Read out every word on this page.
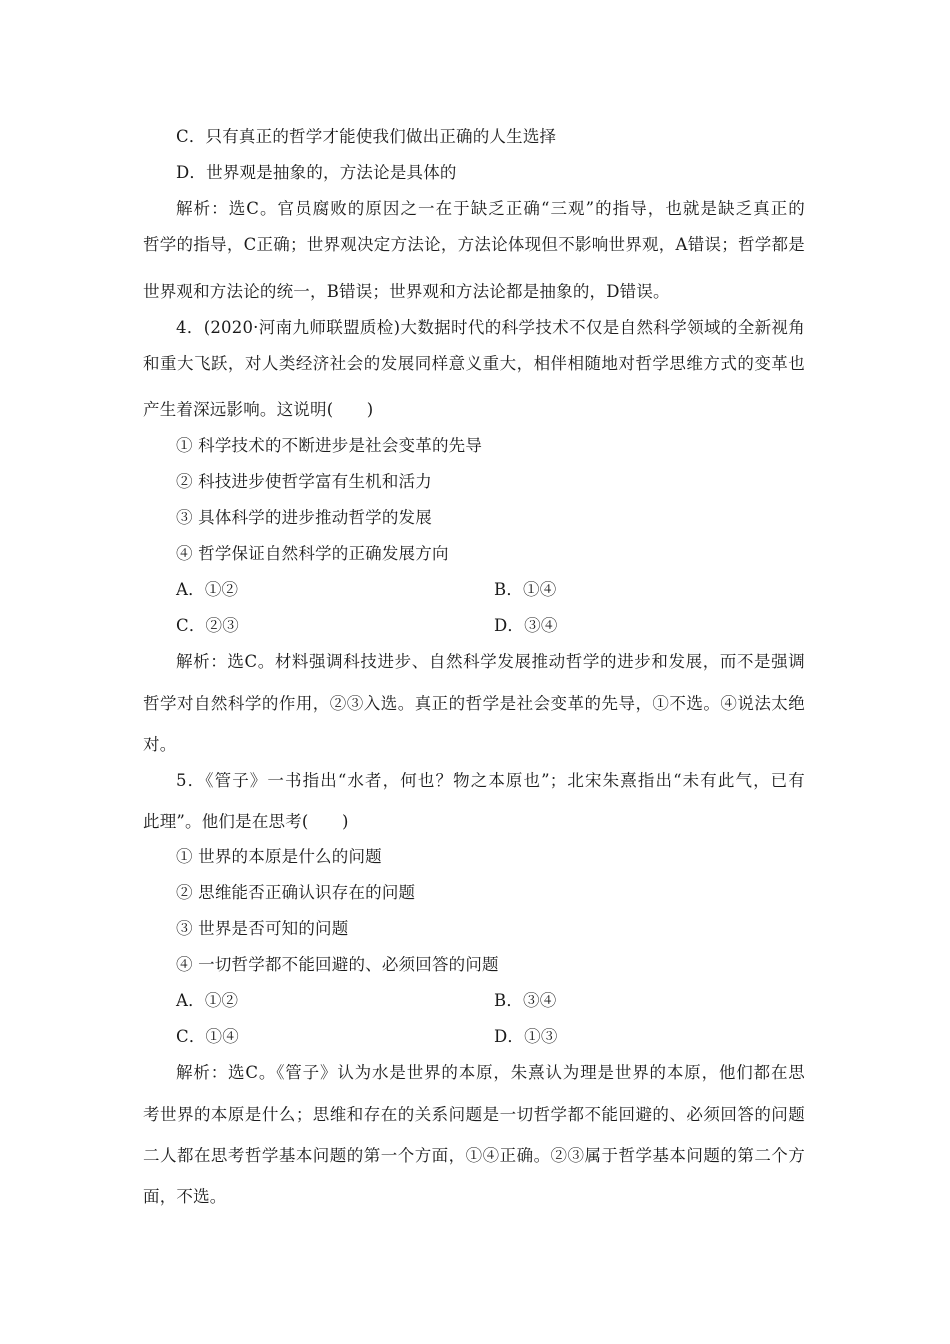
C．只有真正的哲学才能使我们做出正确的人生选择
D．世界观是抽象的，方法论是具体的
解析：选C。官员腐败的原因之一在于缺乏正确“三观”的指导，也就是缺乏真正的
哲学的指导，C正确；世界观决定方法论，方法论体现但不影响世界观，A错误；哲学都是
世界观和方法论的统一，B错误；世界观和方法论都是抽象的，D错误。
4．(2020·河南九师联盟质检)大数据时代的科学技术不仅是自然科学领域的全新视角
和重大飞跃，对人类经济社会的发展同样意义重大，相伴相随地对哲学思维方式的变革也
产生着深远影响。这说明(　　)
① 科学技术的不断进步是社会变革的先导
② 科技进步使哲学富有生机和活力
③ 具体科学的进步推动哲学的发展
④ 哲学保证自然科学的正确发展方向
A．①②	B．①④
C．②③	D．③④
解析：选C。材料强调科技进步、自然科学发展推动哲学的进步和发展，而不是强调
哲学对自然科学的作用，②③入选。真正的哲学是社会变革的先导，①不选。④说法太绝
对。
5．《管子》一书指出“水者，何也？物之本原也”；北宋朱熹指出“未有此气，已有
此理”。他们是在思考(　　)
① 世界的本原是什么的问题
② 思维能否正确认识存在的问题
③ 世界是否可知的问题
④ 一切哲学都不能回避的、必须回答的问题
A．①②	B．③④
C．①④	D．①③
解析：选C。《管子》认为水是世界的本原，朱熹认为理是世界的本原，他们都在思
考世界的本原是什么；思维和存在的关系问题是一切哲学都不能回避的、必须回答的问题
二人都在思考哲学基本问题的第一个方面，①④正确。②③属于哲学基本问题的第二个方
面，不选。
